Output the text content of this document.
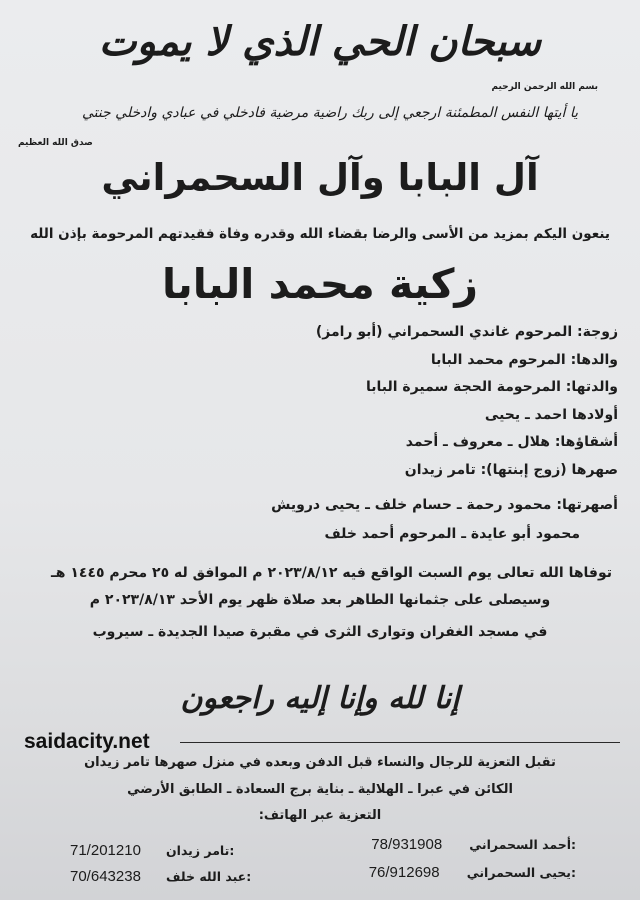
سبحان الحي الذي لا يموت
بسم الله الرحمن الرحيم
يا أيتها النفس المطمئنة ارجعي إلى ربك راضية مرضية فادخلي في عبادي وادخلي جنتي
صدق الله العظيم
آل البابا وآل السحمراني
ينعون اليكم بمزيد من الأسى والرضا بقضاء الله وقدره وفاة فقيدتهم المرحومة بإذن الله
زكية محمد البابا
زوجة: المرحوم غاندي السحمراني (أبو رامز)
والدها: المرحوم محمد البابا
والدتها: المرحومة الحجة سميرة البابا
أولادها احمد ـ يحيى
أشقاؤها: هلال ـ معروف ـ أحمد
صهرها (زوج إبنتها): تامر زيدان
أصهرتها: محمود رحمة ـ حسام خلف ـ يحيى درويش
محمود أبو عايدة ـ المرحوم أحمد خلف
توفاها الله تعالى يوم السبت الواقع فيه ٢٠٢٣/٨/١٢ م الموافق له ٢٥ محرم ١٤٤٥ هـ
وسيصلى على جثمانها الطاهر بعد صلاة ظهر يوم الأحد ٢٠٢٣/٨/١٣ م
في مسجد الغفران وتوارى الثرى في مقبرة صيدا الجديدة ـ سيروب
إنا لله وإنا إليه راجعون
saidacity.net
تقبل التعزية للرجال والنساء قبل الدفن وبعده في منزل صهرها تامر زيدان
الكائن في عبرا ـ الهلالية ـ بناية برج السعادة ـ الطابق الأرضي
التعزية عبر الهاتف:
78/931908 أحمد السحمراني:
76/912698 يحيى السحمراني:
71/201210 تامر زيدان:
70/643238 عبد الله خلف:
